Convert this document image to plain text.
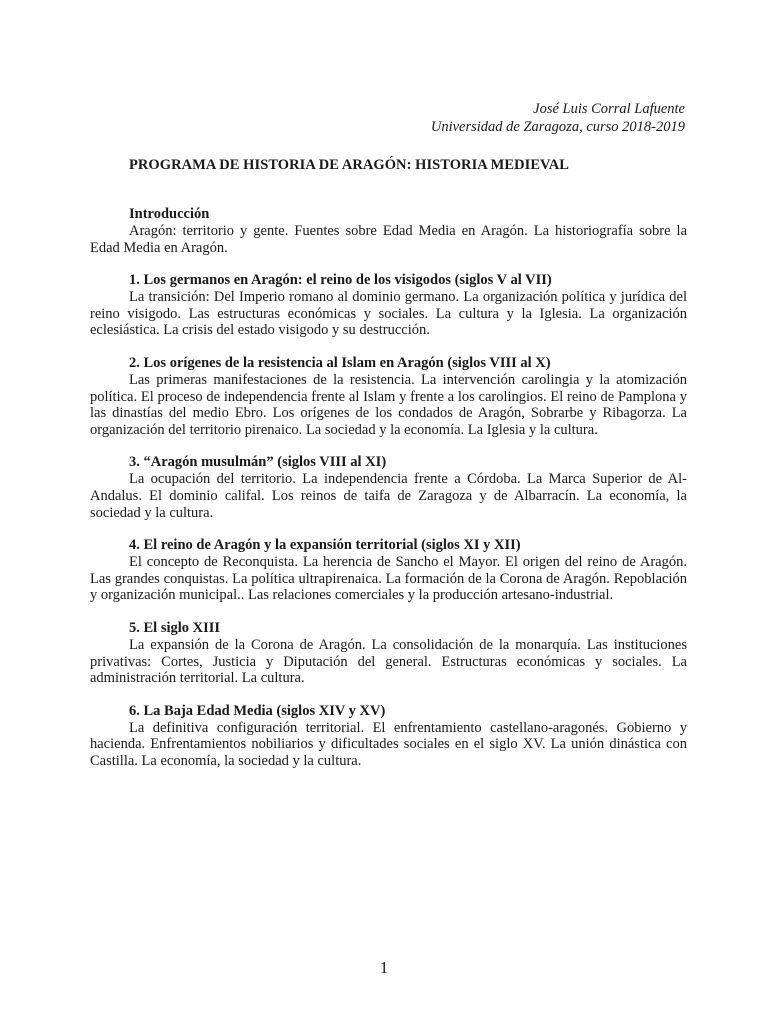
José Luis Corral Lafuente
Universidad de Zaragoza, curso 2018-2019
PROGRAMA DE HISTORIA DE ARAGÓN: HISTORIA MEDIEVAL
Introducción

Aragón: territorio y gente. Fuentes sobre Edad Media en Aragón. La historiografía sobre la Edad Media en Aragón.

1. Los germanos en Aragón: el reino de los visigodos (siglos V al VII)

La transición: Del Imperio romano al dominio germano. La organización política y jurídica del reino visigodo. Las estructuras económicas y sociales. La cultura y la Iglesia. La organización eclesiástica. La crisis del estado visigodo y su destrucción.

2. Los orígenes de la resistencia al Islam en Aragón (siglos VIII al X)

Las primeras manifestaciones de la resistencia. La intervención carolingia y la atomización política. El proceso de independencia frente al Islam y frente a los carolingios. El reino de Pamplona y las dinastías del medio Ebro. Los orígenes de los condados de Aragón, Sobrarbe y Ribagorza. La organización del territorio pirenaico. La sociedad y la economía. La Iglesia y la cultura.

3. “Aragón musulmán” (siglos VIII al XI)

La ocupación del territorio. La independencia frente a Córdoba. La Marca Superior de Al-Andalus. El dominio califal. Los reinos de taifa de Zaragoza y de Albarracín. La economía, la sociedad y la cultura.

4. El reino de Aragón y la expansión territorial (siglos XI y XII)

El concepto de Reconquista. La herencia de Sancho el Mayor. El origen del reino de Aragón. Las grandes conquistas. La política ultrapirenaica. La formación de la Corona de Aragón. Repoblación y organización municipal.. Las relaciones comerciales y la producción artesano-industrial.

5. El siglo XIII

La expansión de la Corona de Aragón. La consolidación de la monarquía. Las instituciones privativas: Cortes, Justicia y Diputación del general. Estructuras económicas y sociales. La administración territorial. La cultura.

6. La Baja Edad Media (siglos XIV y XV)

La definitiva configuración territorial. El enfrentamiento castellano-aragonés. Gobierno y hacienda. Enfrentamientos nobiliarios y dificultades sociales en el siglo XV. La unión dinástica con Castilla. La economía, la sociedad y la cultura.

1
